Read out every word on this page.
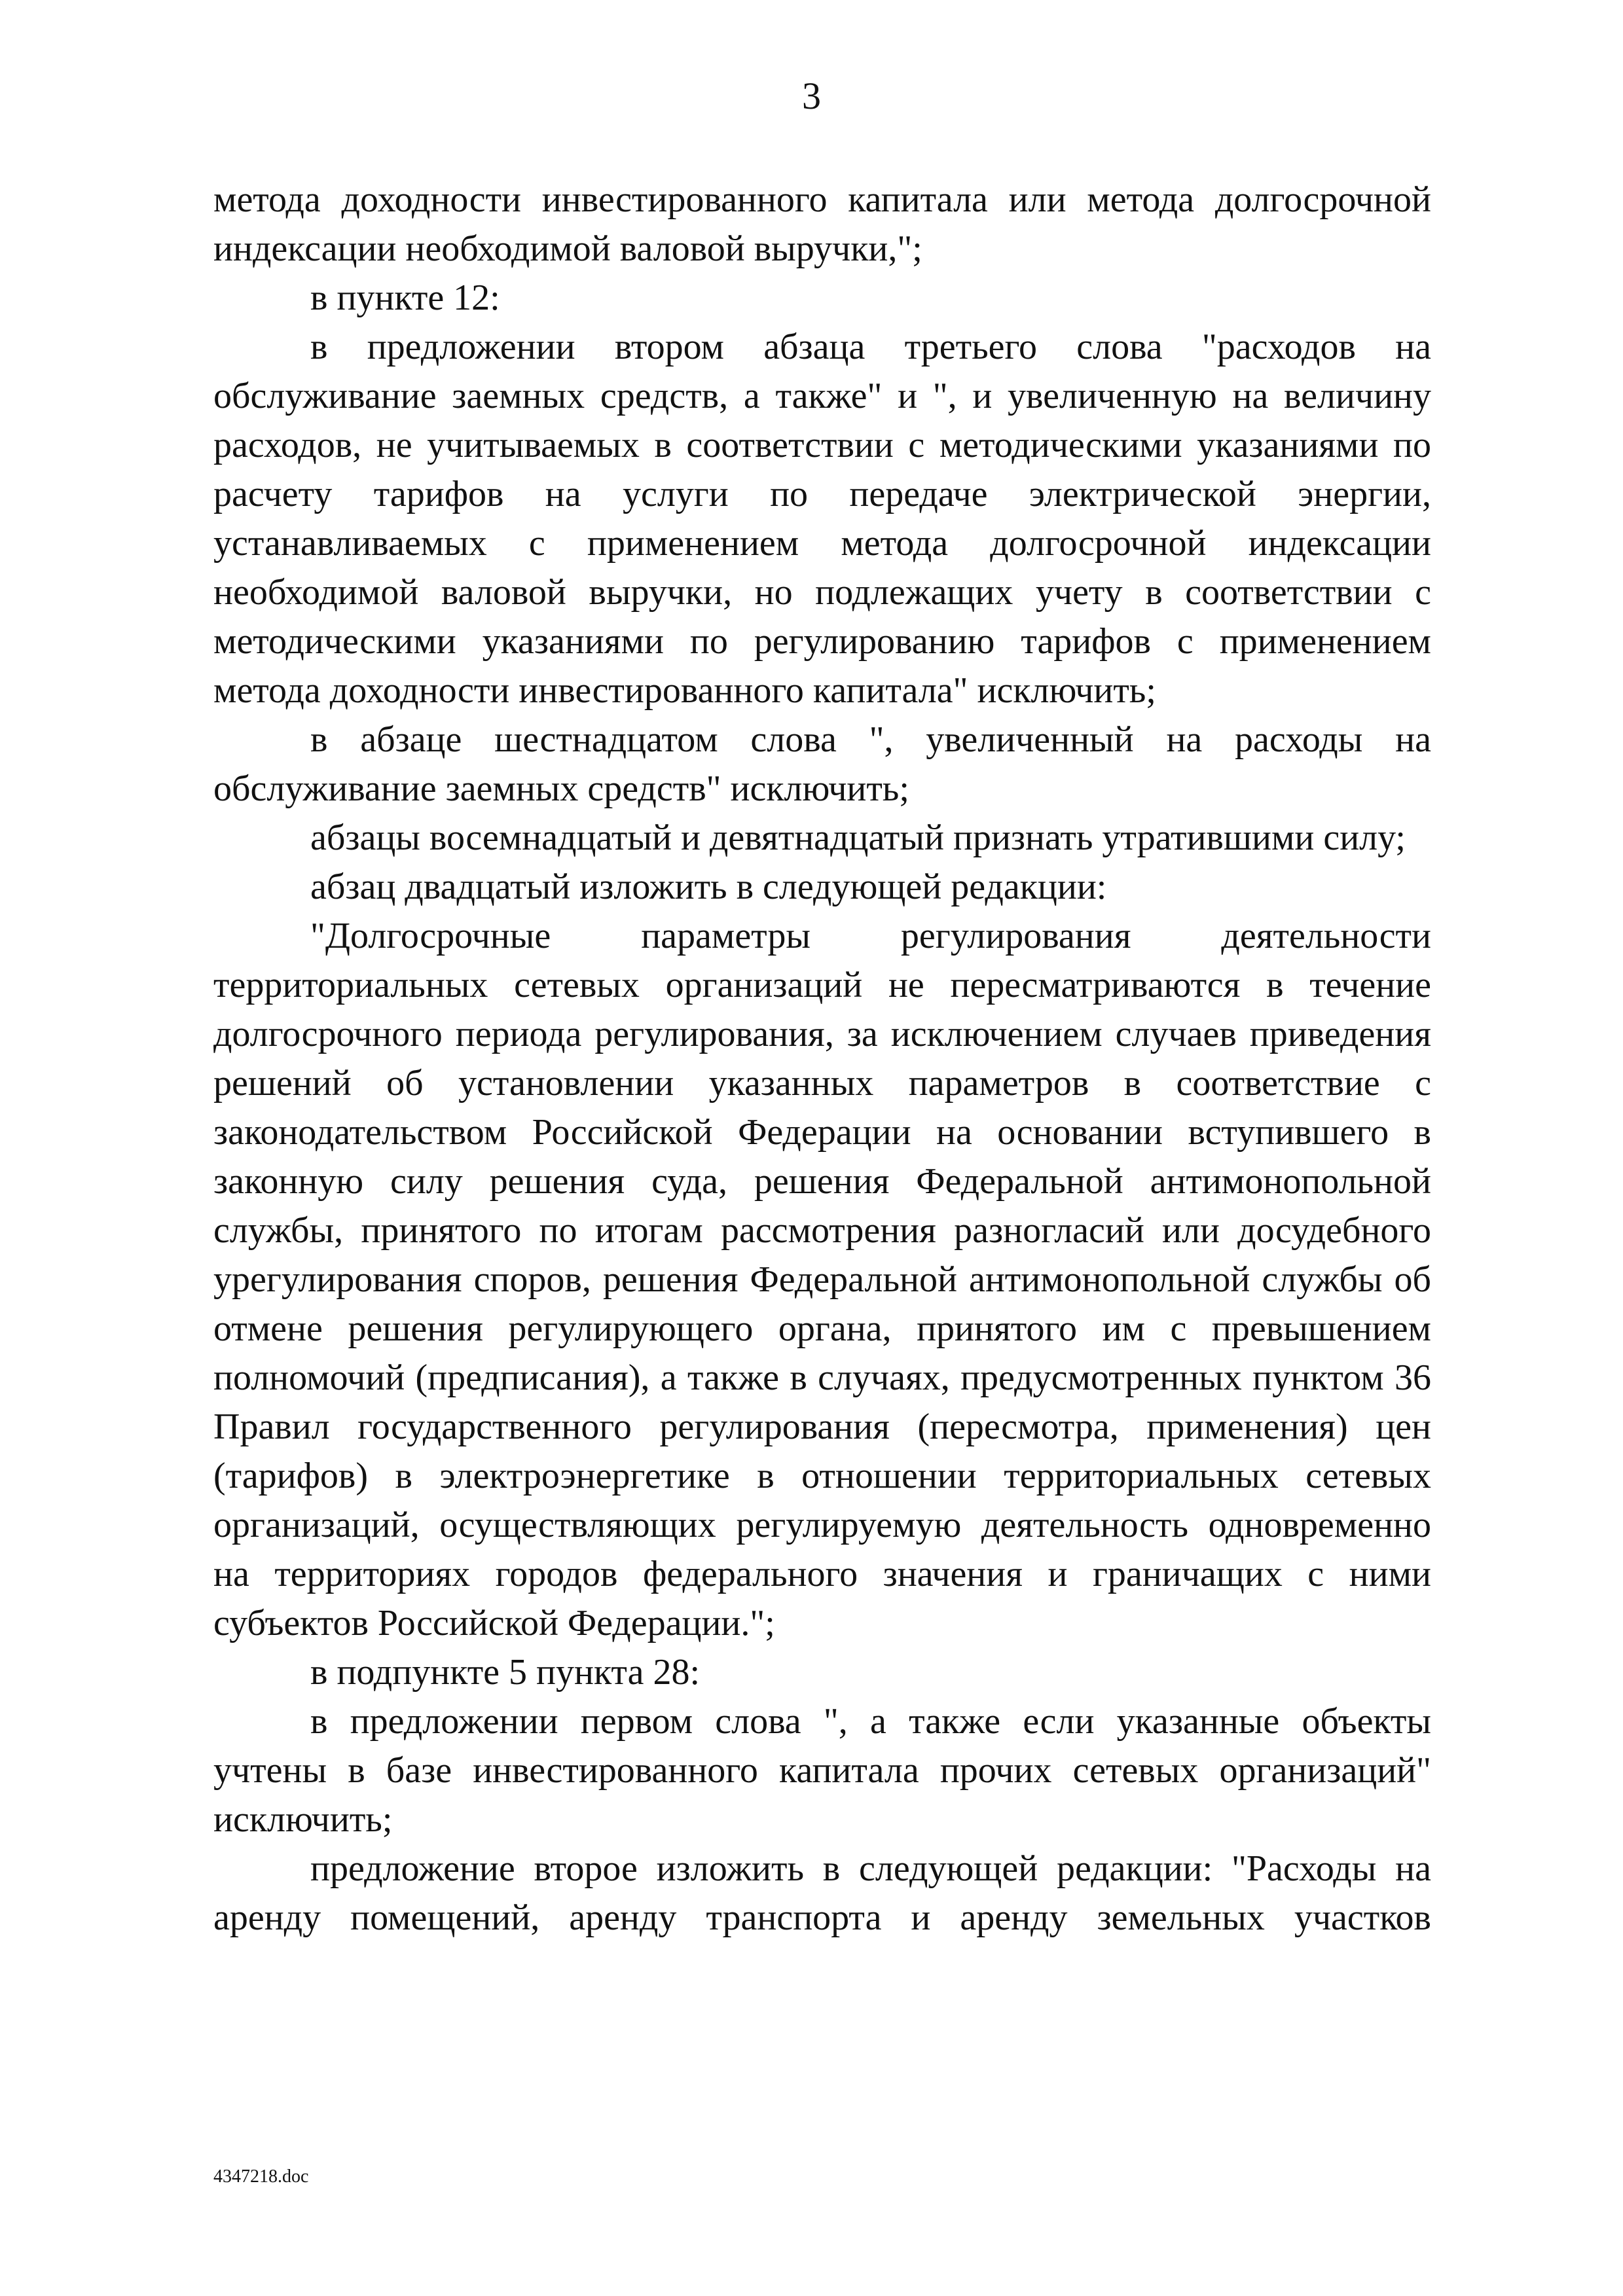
3

метода доходности инвестированного капитала или метода долгосрочной индексации необходимой валовой выручки,";

в пункте 12:

в предложении втором абзаца третьего слова "расходов на обслуживание заемных средств, а также" и ", и увеличенную на величину расходов, не учитываемых в соответствии с методическими указаниями по расчету тарифов на услуги по передаче электрической энергии, устанавливаемых с применением метода долгосрочной индексации необходимой валовой выручки, но подлежащих учету в соответствии с методическими указаниями по регулированию тарифов с применением метода доходности инвестированного капитала" исключить;

в абзаце шестнадцатом слова ", увеличенный на расходы на обслуживание заемных средств" исключить;

абзацы восемнадцатый и девятнадцатый признать утратившими силу;

абзац двадцатый изложить в следующей редакции:

"Долгосрочные параметры регулирования деятельности территориальных сетевых организаций не пересматриваются в течение долгосрочного периода регулирования, за исключением случаев приведения решений об установлении указанных параметров в соответствие с законодательством Российской Федерации на основании вступившего в законную силу решения суда, решения Федеральной антимонопольной службы, принятого по итогам рассмотрения разногласий или досудебного урегулирования споров, решения Федеральной антимонопольной службы об отмене решения регулирующего органа, принятого им с превышением полномочий (предписания), а также в случаях, предусмотренных пунктом 36 Правил государственного регулирования (пересмотра, применения) цен (тарифов) в электроэнергетике в отношении территориальных сетевых организаций, осуществляющих регулируемую деятельность одновременно на территориях городов федерального значения и граничащих с ними субъектов Российской Федерации.";

в подпункте 5 пункта 28:

в предложении первом слова ", а также если указанные объекты учтены в базе инвестированного капитала прочих сетевых организаций" исключить;

предложение второе изложить в следующей редакции: "Расходы на аренду помещений, аренду транспорта и аренду земельных участков

4347218.doc
